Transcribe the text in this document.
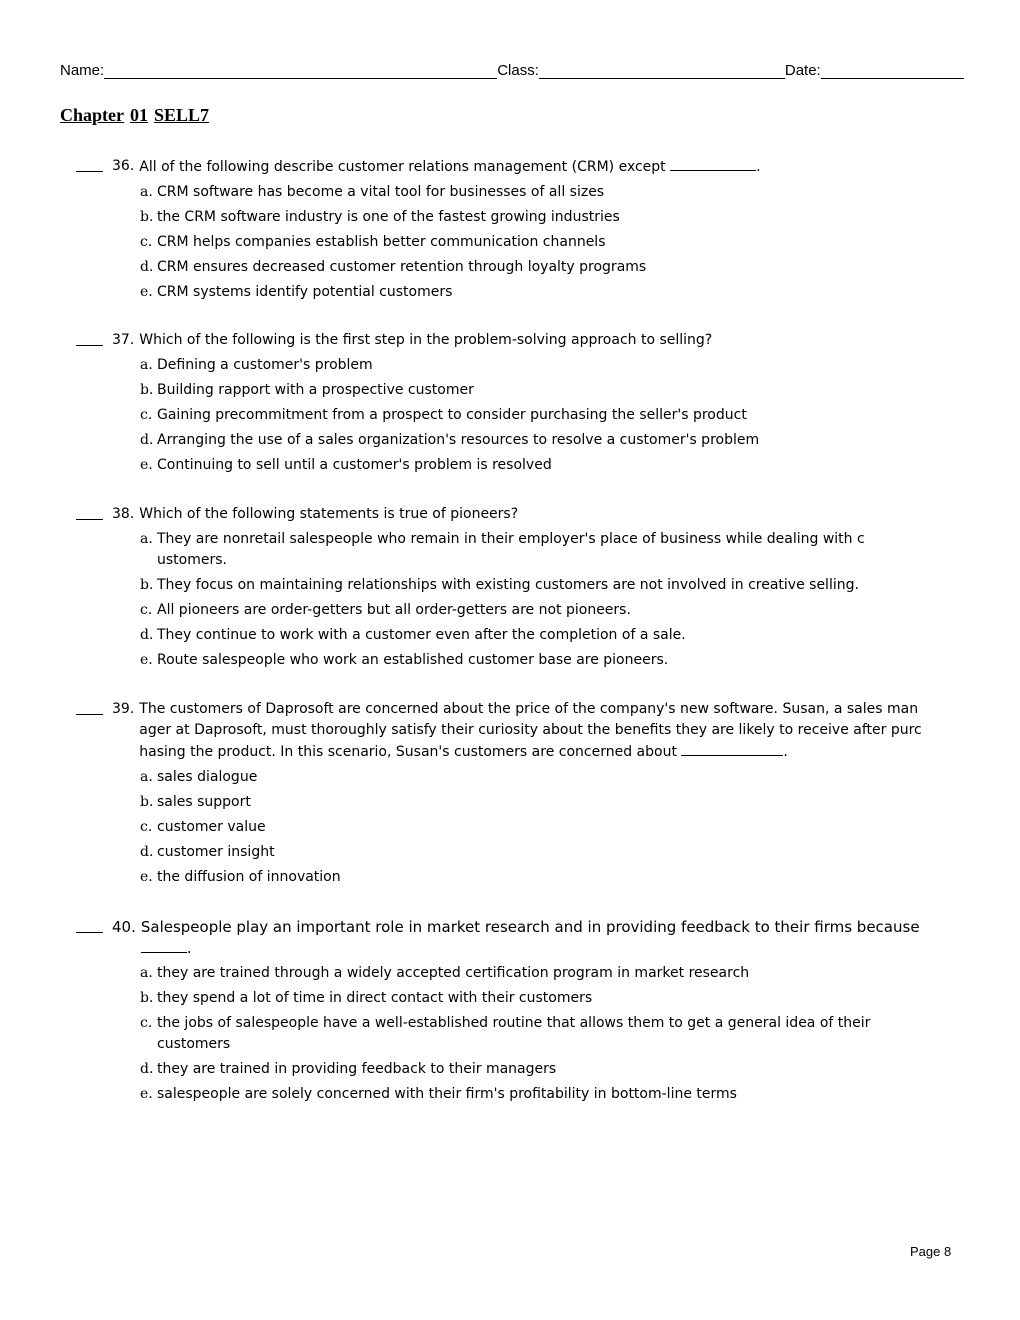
Name:	Class:	Date:
Chapter 01 SELL7
36. All of the following describe customer relations management (CRM) except	.
a. CRM software has become a vital tool for businesses of all sizes
b. the CRM software industry is one of the fastest growing industries
c. CRM helps companies establish better communication channels
d. CRM ensures decreased customer retention through loyalty programs
e. CRM systems identify potential customers
37. Which of the following is the first step in the problem-solving approach to selling?
a. Defining a customer's problem
b. Building rapport with a prospective customer
c. Gaining precommitment from a prospect to consider purchasing the seller's product
d. Arranging the use of a sales organization's resources to resolve a customer's problem
e. Continuing to sell until a customer's problem is resolved
38. Which of the following statements is true of pioneers?
a. They are nonretail salespeople who remain in their employer's place of business while dealing with c ustomers.
b. They focus on maintaining relationships with existing customers are not involved in creative selling.
c. All pioneers are order-getters but all order-getters are not pioneers.
d. They continue to work with a customer even after the completion of a sale.
e. Route salespeople who work an established customer base are pioneers.
39. The customers of Daprosoft are concerned about the price of the company's new software. Susan, a sales man ager at Daprosoft, must thoroughly satisfy their curiosity about the benefits they are likely to receive after purc hasing the product. In this scenario, Susan's customers are concerned about	.
a. sales dialogue
b. sales support
c. customer value
d. customer insight
e. the diffusion of innovation
40. Salespeople play an important role in market research and in providing feedback to their firms because .
a. they are trained through a widely accepted certification program in market research
b. they spend a lot of time in direct contact with their customers
c. the jobs of salespeople have a well-established routine that allows them to get a general idea of their customers
d. they are trained in providing feedback to their managers
e. salespeople are solely concerned with their firm's profitability in bottom-line terms
Page 8
